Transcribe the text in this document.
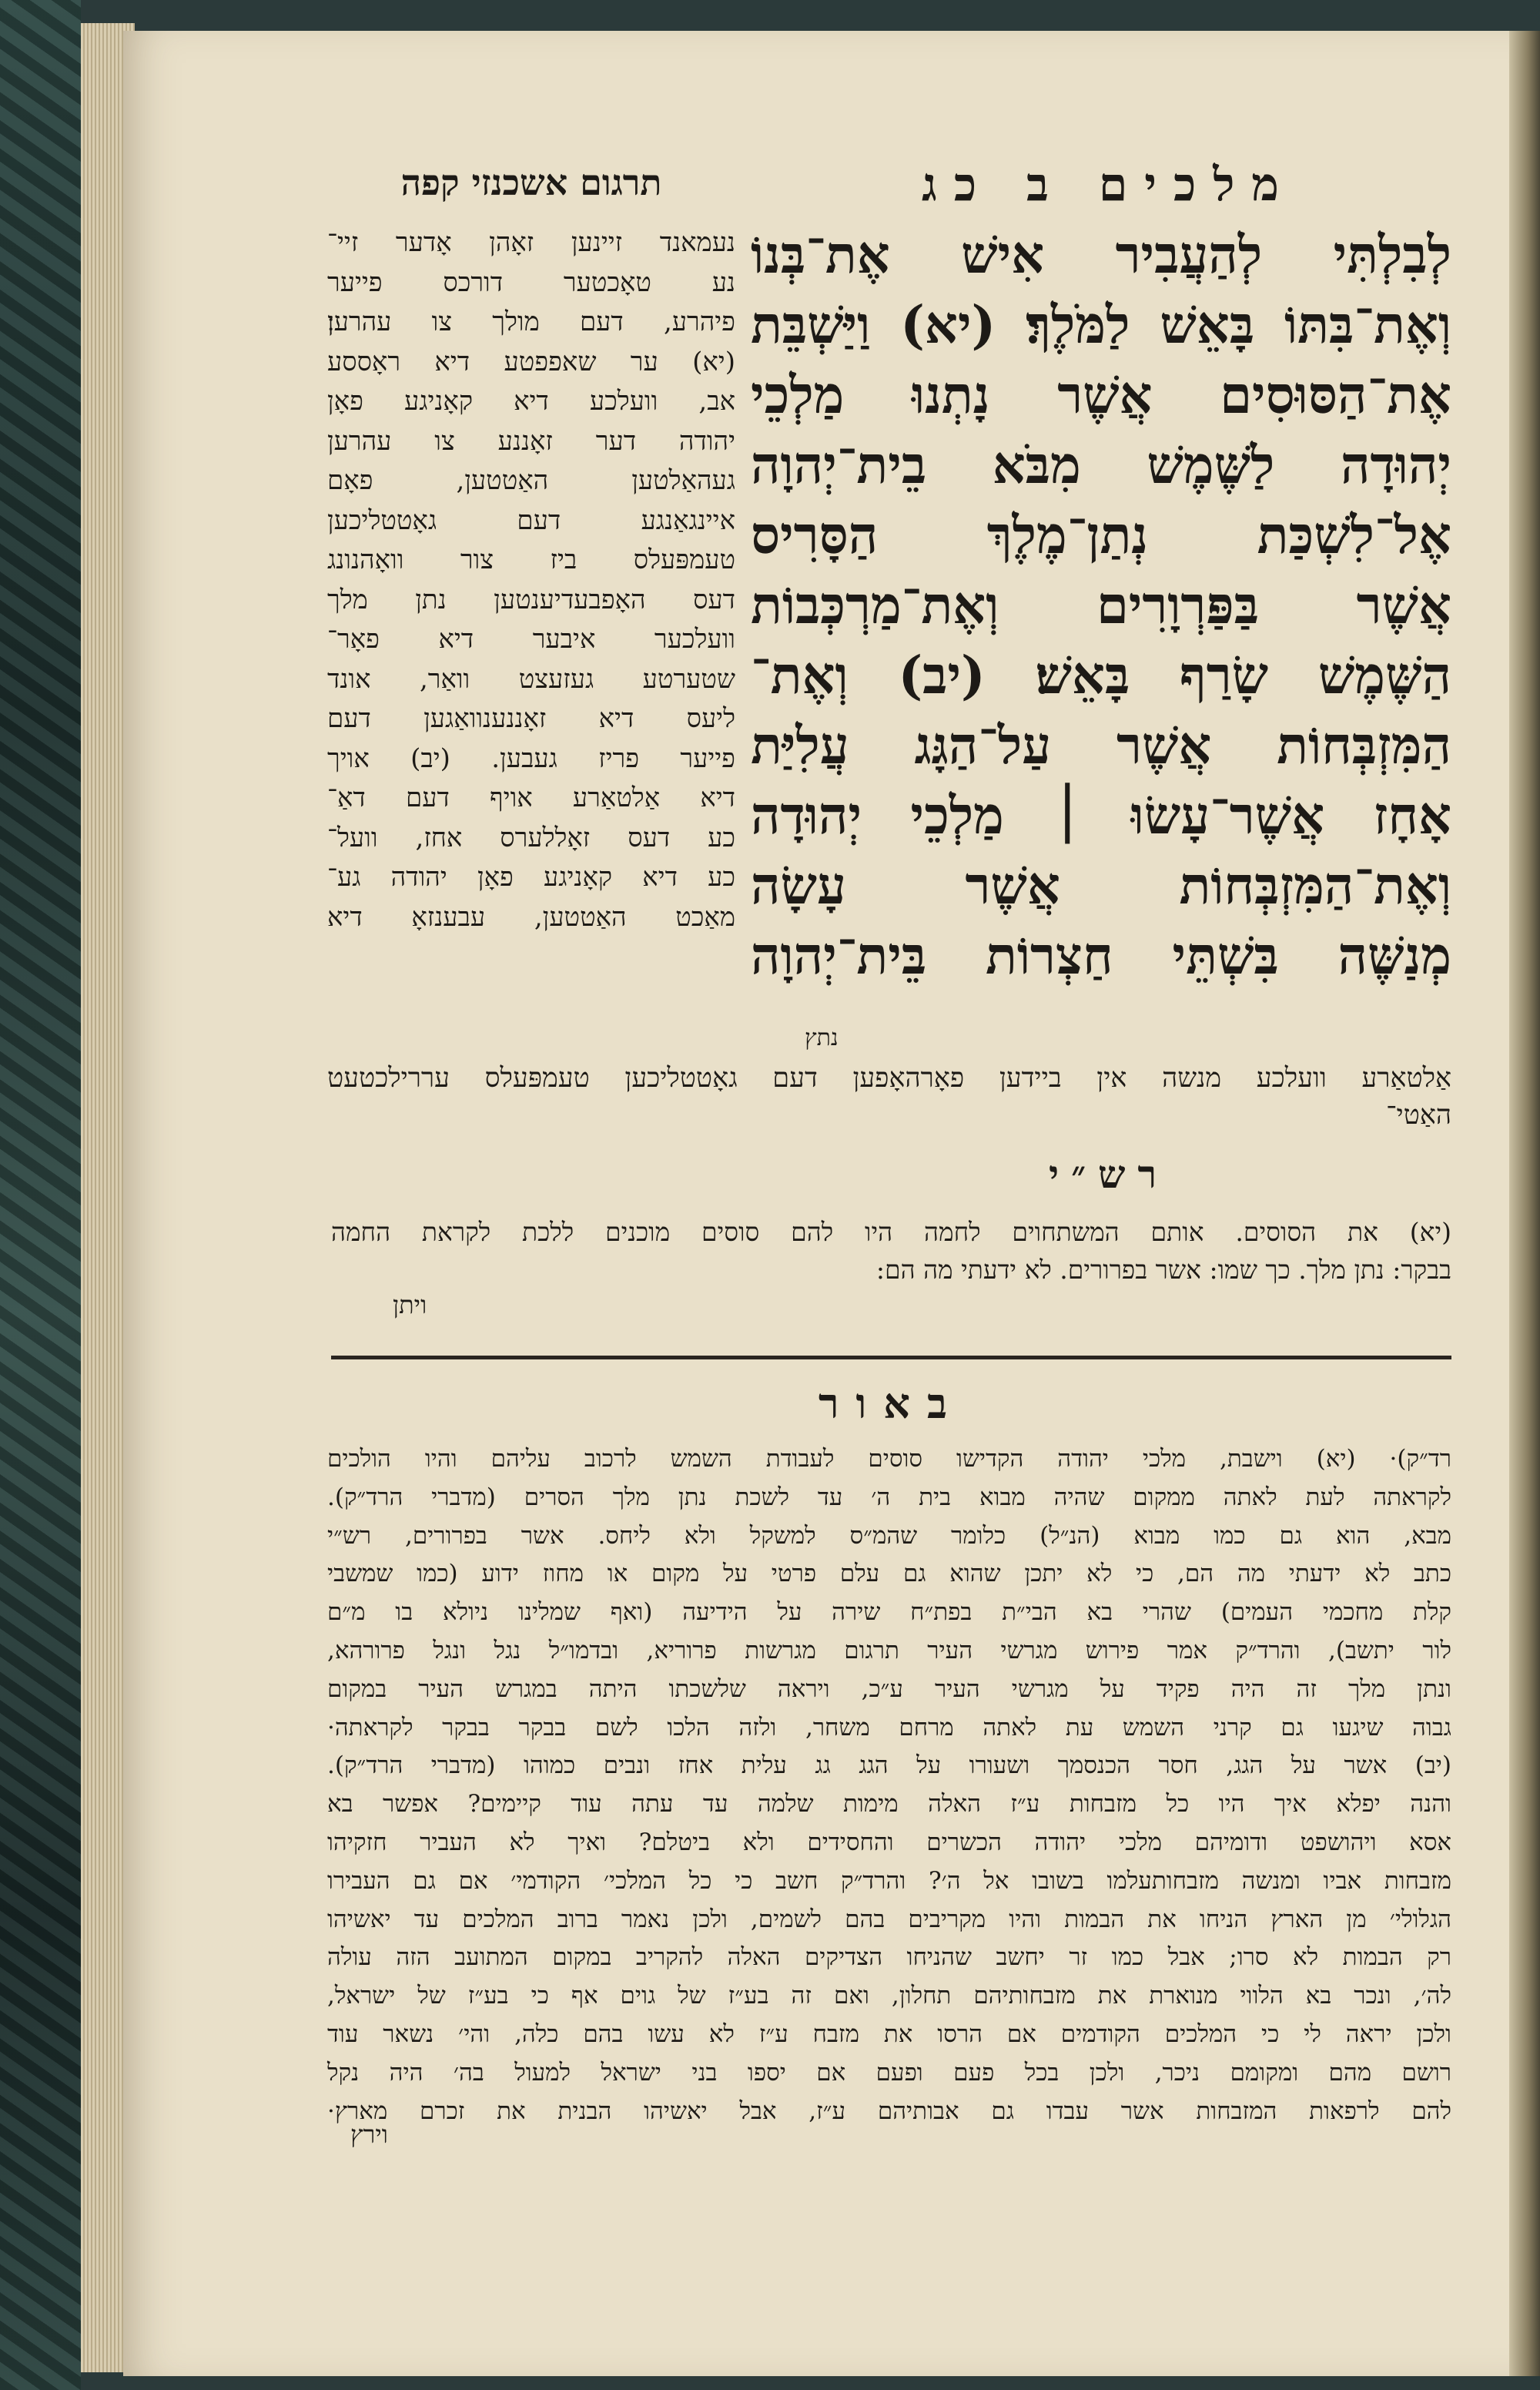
מלכים ב כג
תרגום אשכנזי קפה
לְבִלְתִּי לְהַעֲבִיר אִישׁ אֶת־בְּנוֹ
וְאֶת־בִּתּוֹ בָּאֵשׁ לַמֹּלֶךְ׃ (יא) וַיַּשְׁבֵּת
אֶת־הַסּוּסִים אֲשֶׁר נָתְנוּ מַלְכֵי
יְהוּדָה לַשֶּׁמֶשׁ מִבֹּא בֵית־יְהוָה
אֶל־לִשְׁכַּת נְתַן־מֶלֶךְ הַסָּרִיס
אֲשֶׁר בַּפַּרְוָרִים וְאֶת־מַרְכְּבוֹת
הַשֶּׁמֶשׁ שָׂרַף בָּאֵשׁ׃ (יב) וְאֶת־
הַמִּזְבְּחוֹת אֲשֶׁר עַל־הַגָּג עֲלִיַּת
אָחָז אֲשֶׁר־עָשׂוּ ׀ מַלְכֵי יְהוּדָה
וְאֶת־הַמִּזְבְּחוֹת אֲשֶׁר עָשָׂה
מְנַשֶּׁה בִּשְׁתֵּי חַצְרוֹת בֵּית־יְהוָה
נתץ
נעמאנד זיינען זאָהן אָדער זיי־
נע טאָכטער דורכס פייער
פיהרע, דעם מולך צו עהרען׃
(יא) ער שאפפטע דיא ראָססע
אב, וועלכע דיא קאָניגע פאָן
יהודה דער זאָננע צו עהרען
געהאַלטען האַטטען, פאָם
איינגאַנגע דעם גאָטטליכען
טעמפּעלס ביז צור וואָהנונג
דעס האָפבעדיענטען נתן מלך
וועלכער איבער דיא פאָר־
שטערטע געזעצט וואַר, אונד
ליעס דיא זאָננענוואַגען דעם
פייער פריז געבען. (יב) אויך
דיא אַלטאַרע אויף דעם דאַ־
כע דעס זאָללערס אחז, וועל־
כע דיא קאָניגע פאָן יהודה גע־
מאַכט האַטטען, עבענזאָ דיא
אַלטאַרע וועלכע מנשה אין ביידען פאָרהאָפען דעם גאָטטליכען טעמפּעלס עררילכטעט
האַטי־
רש״י
(יא) את הסוסים. אותם המשתחוים לחמה היו להם סוסים מוכנים ללכת לקראת החמה
בבקר: נתן מלך. כך שמו: אשר בפרורים. לא ידעתי מה הם:
ויתן
באור
רד״ק)· (יא) וישבת, מלכי יהודה הקדישו סוסים לעבודת השמש לרכוב עליהם והיו הולכים
לקראתה לעת לאתה ממקום שהיה מבוא בית ה׳ עד לשכת נתן מלך הסרים (מדברי הרד״ק).
מבא, הוא גם כמו מבוא (הנ״ל) כלומר שהמ״ס למשקל ולא ליחס. אשר בפרורים, רש״י
כתב לא ידעתי מה הם, כי לא יתכן שהוא גם עלם פרטי על מקום או מחוז ידוע (כמו שמשבי
קלת מחכמי העמים) שהרי בא הבי״ת בפת״ח שירה על הידיעה (ואף שמלינו ניולא בו מ״ם
לור יתשב), והרד״ק אמר פירוש מגרשי העיר תרגום מגרשות פרוריא, ובדמו״ל נגל ונגל פרורהא,
ונתן מלך זה היה פקיד על מגרשי העיר ע״כ, ויראה שלשכתו היתה במגרש העיר במקום
גבוה שיגעו גם קרני השמש עת לאתה מרחם משחר, ולזה הלכו לשם בבקר בבקר לקראתה·
(יב) אשר על הגג, חסר הכנסמך ושעורו על הגג גג עלית אחז ונבים כמוהו (מדברי הרד״ק).
והנה יפלא איך היו כל מזבחות ע״ז האלה מימות שלמה עד עתה עוד קיימים? אפשר בא
אסא ויהושפט ודומיהם מלכי יהודה הכשרים והחסידים ולא ביטלם? ואיך לא העביר חזקיהו
מזבחות אביו ומנשה מזבחותעלמו בשובו אל ה׳? והרד״ק חשב כי כל המלכי׳ הקודמי׳ אם גם העבירו
הגלולי׳ מן הארץ הניחו את הבמות והיו מקריבים בהם לשמים, ולכן נאמר ברוב המלכים עד יאשיהו
רק הבמות לא סרו; אבל כמו זר יחשב שהניחו הצדיקים האלה להקריב במקום המתועב הזה עולה
לה׳, ונכר בא הלווי מנוארת את מזבחותיהם תחלון, ואם זה בע״ז של גוים אף כי בע״ז של ישראל,
ולכן יראה לי כי המלכים הקודמים אם הרסו את מזבח ע״ז לא עשו בהם כלה, והי׳ נשאר עוד
רושם מהם ומקומם ניכר, ולכן בכל פעם ופעם אם יספו בני ישראל למעול בה׳ היה נקל
להם לרפאות המזבחות אשר עבדו גם אבותיהם ע״ז, אבל יאשיהו הבנית את זכרם מארץ·
וירץ
